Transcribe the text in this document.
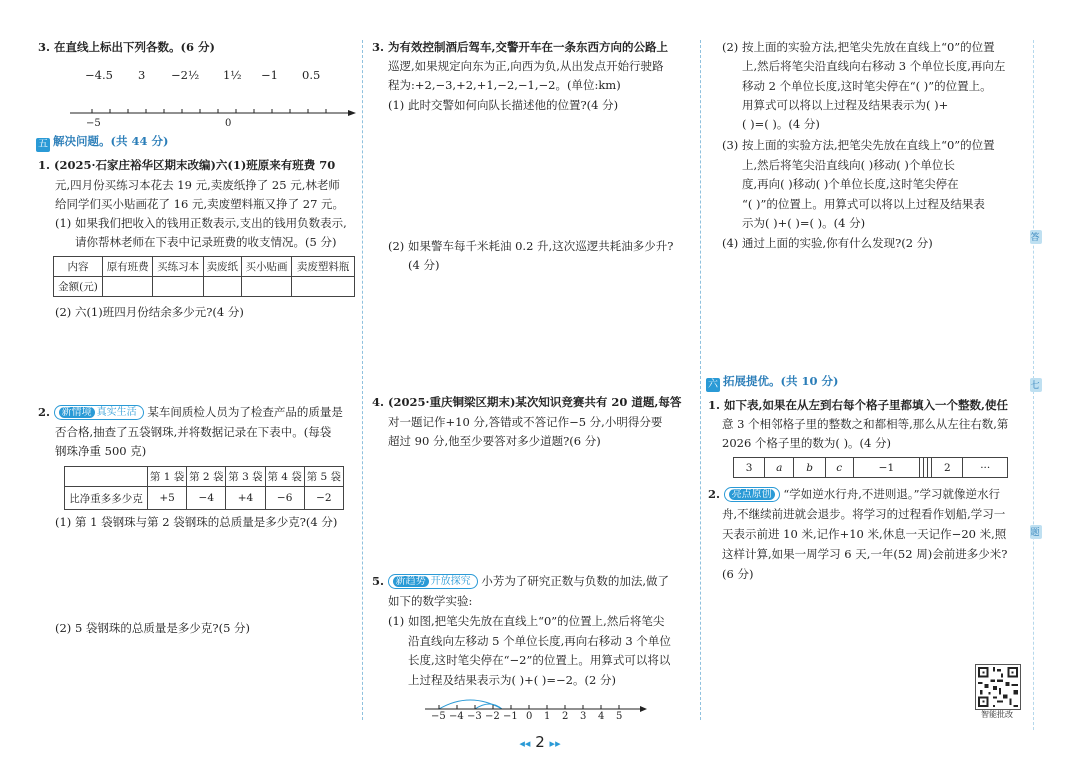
3. 在直线上标出下列各数。(6 分)
−4.5 3 −2½ 1½ −1 0.5
−5	0
五 解决问题。(共 44 分)
1. (2025·石家庄裕华区期末改编)六(1)班原来有班费 70
元,四月份买练习本花去 19 元,卖废纸挣了 25 元,林老师
给同学们买小贴画花了 16 元,卖废塑料瓶又挣了 27 元。
(1) 如果我们把收入的钱用正数表示,支出的钱用负数表示,
请你帮林老师在下表中记录班费的收支情况。(5 分)
内容	原有班费	买练习本	卖废纸	买小贴画	卖废塑料瓶
金额(元)					
(2) 六(1)班四月份结余多少元?(4 分)
2. 新情境 真实生活 某车间质检人员为了检查产品的质量是
否合格,抽查了五袋钢珠,并将数据记录在下表中。(每袋
钢珠净重 500 克)
	第 1 袋	第 2 袋	第 3 袋	第 4 袋	第 5 袋
比净重多多少克	+5	−4	+4	−6	−2
(1) 第 1 袋钢珠与第 2 袋钢珠的总质量是多少克?(4 分)
(2) 5 袋钢珠的总质量是多少克?(5 分)
3. 为有效控制酒后驾车,交警开车在一条东西方向的公路上
巡逻,如果规定向东为正,向西为负,从出发点开始行驶路
程为:+2,−3,+2,+1,−2,−1,−2。(单位:km)
(1) 此时交警如何向队长描述他的位置?(4 分)
(2) 如果警车每千米耗油 0.2 升,这次巡逻共耗油多少升?
(4 分)
4. (2025·重庆铜梁区期末)某次知识竞赛共有 20 道题,每答
对一题记作+10 分,答错或不答记作−5 分,小明得分要
超过 90 分,他至少要答对多少道题?(6 分)
5. 新趋势 开放探究 小芳为了研究正数与负数的加法,做了
如下的数学实验:
(1) 如图,把笔尖先放在直线上“0”的位置上,然后将笔尖
沿直线向左移动 5 个单位长度,再向右移动 3 个单位
长度,这时笔尖停在“−2”的位置上。用算式可以将以
上过程及结果表示为( )+( )=−2。(2 分)
−5 −4 −3 −2 −1 0 1 2 3 4 5
(2) 按上面的实验方法,把笔尖先放在直线上“0”的位置
上,然后将笔尖沿直线向右移动 3 个单位长度,再向左
移动 2 个单位长度,这时笔尖停在“( )”的位置上。
用算式可以将以上过程及结果表示为( )+
( )=( )。(4 分)
(3) 按上面的实验方法,把笔尖先放在直线上“0”的位置
上,然后将笔尖沿直线向( )移动( )个单位长
度,再向( )移动( )个单位长度,这时笔尖停在
“( )”的位置上。用算式可以将以上过程及结果表
示为( )+( )=( )。(4 分)
(4) 通过上面的实验,你有什么发现?(2 分)
六 拓展提优。(共 10 分)
1. 如下表,如果在从左到右每个格子里都填入一个整数,使任
意 3 个相邻格子里的整数之和都相等,那么从左往右数,第
2026 个格子里的数为( )。(4 分)
3	a	b	c	−1				2	···
2. 亮点原创 “学如逆水行舟,不进则退。”学习就像逆水行
舟,不继续前进就会退步。将学习的过程看作划船,学习一
天表示前进 10 米,记作+10 米,休息一天记作−20 米,照
这样计算,如果一周学习 6 天,一年(52 周)会前进多少米?
(6 分)
智能批改
答
七
题
◂◂ 2 ▸▸
